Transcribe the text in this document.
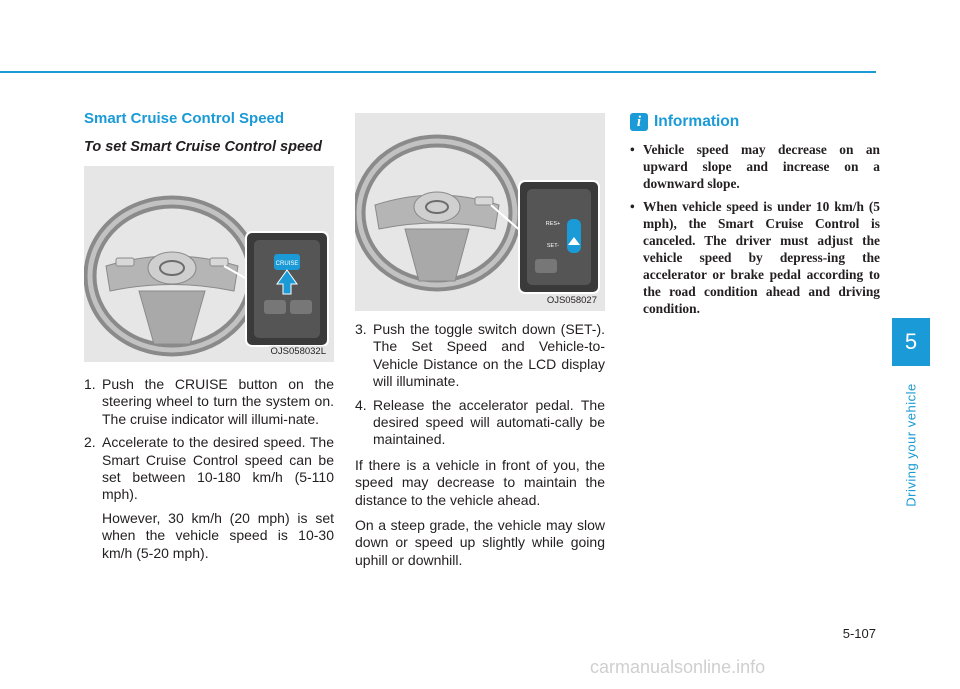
Smart Cruise Control Speed
To set Smart Cruise Control speed
CRUISE
OJS058032L
1. Push the CRUISE button on the steering wheel to turn the system on. The cruise indicator will illumi-nate.
2. Accelerate to the desired speed. The Smart Cruise Control speed can be set between 10-180 km/h (5-110 mph).

However, 30 km/h (20 mph) is set when the vehicle speed is 10-30 km/h (5-20 mph).

RES+
SET-
OJS058027
3. Push the toggle switch down (SET-). The Set Speed and Vehicle-to-Vehicle Distance on the LCD display will illuminate.
4. Release the accelerator pedal. The desired speed will automati-cally be maintained.

If there is a vehicle in front of you, the speed may decrease to maintain the distance to the vehicle ahead.

On a steep grade, the vehicle may slow down or speed up slightly while going uphill or downhill.

i Information
• Vehicle speed may decrease on an upward slope and increase on a downward slope.
• When vehicle speed is under 10 km/h (5 mph), the Smart Cruise Control is canceled. The driver must adjust the vehicle speed by depress-ing the accelerator or brake pedal according to the road condition ahead and driving condition.
5
Driving your vehicle
5-107
carmanualsonline.info
